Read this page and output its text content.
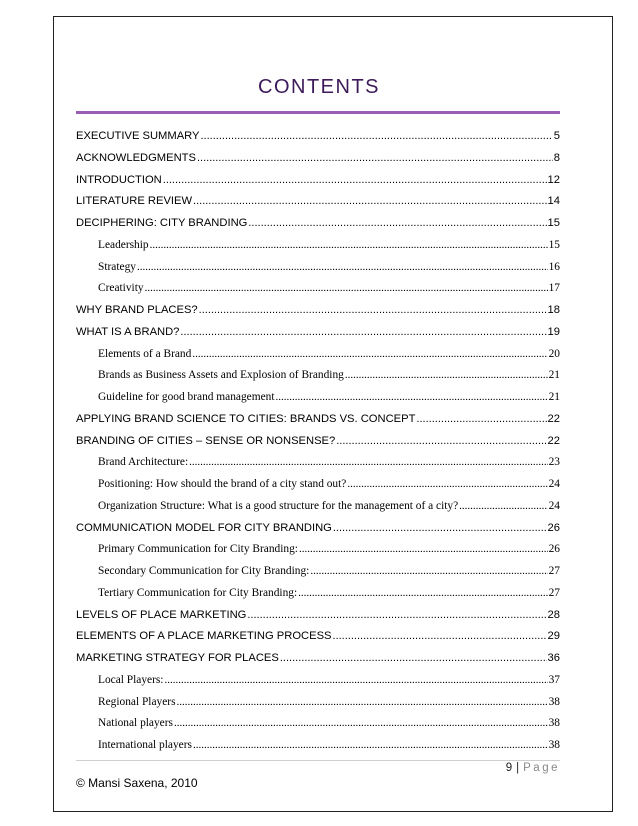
CONTENTS
EXECUTIVE SUMMARY .....	5
ACKNOWLEDGMENTS .....	8
INTRODUCTION .....	12
LITERATURE REVIEW .....	14
DECIPHERING: CITY BRANDING .....	15
Leadership .....	15
Strategy .....	16
Creativity .....	17
WHY BRAND PLACES? .....	18
WHAT IS A BRAND? .....	19
Elements of a Brand .....	20
Brands as Business Assets and Explosion of Branding .....	21
Guideline for good brand management .....	21
APPLYING BRAND SCIENCE TO CITIES: BRANDS VS. CONCEPT .....	22
BRANDING OF CITIES – SENSE OR NONSENSE? .....	22
Brand Architecture: .....	23
Positioning: How should the brand of a city stand out? .....	24
Organization Structure: What is a good structure for the management of a city? .....	24
COMMUNICATION MODEL FOR CITY BRANDING .....	26
Primary Communication for City Branding: .....	26
Secondary Communication for City Branding: .....	27
Tertiary Communication for City Branding: .....	27
LEVELS OF PLACE MARKETING .....	28
ELEMENTS OF A PLACE MARKETING PROCESS .....	29
MARKETING STRATEGY FOR PLACES .....	36
Local Players: .....	37
Regional Players .....	38
National players .....	38
International players .....	38
9 | Page
© Mansi Saxena, 2010
